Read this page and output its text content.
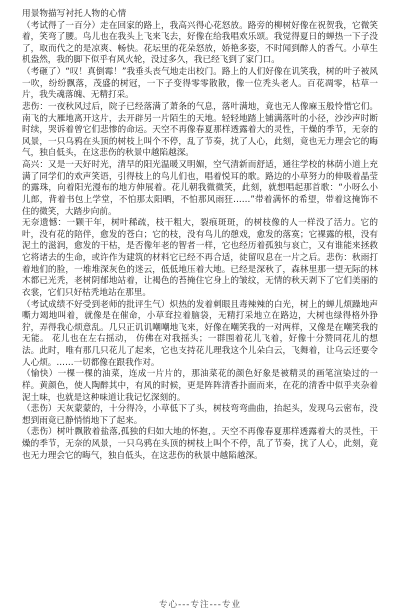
用景物描写衬托人物的心情

（考试得了一百分）走在回家的路上，我高兴得心花怒放。路旁的柳树好像在祝贺我，它微笑着，笑弯了腰。鸟儿也在我头上飞来飞去，好像在给我唱欢乐颂。我觉得夏日的蝉热一下子没了，取而代之的是凉爽、畅快。花坛里的花朵怒放，娇艳多姿，不时闻到醉人的香气。小草生机盎然，我的脚下似乎有风火轮，没过多久，我已经飞到了家门口。

（考砸了）“叹！真倒霉！”我垂头丧气地走出校门。路上的人们好像在讥笑我，树的叶子被风一吹，纷纷飘落，茂盛的树冠，一下子变得零零散散，像一位秃头老人。百花凋零，枯草一片，我失魂落魄、无精打采。

悲伤：一夜秋风过后，院子已经落满了萧条的气息，落叶满地，竟也无人像麻玉般怜惜它们。南飞的大雁地离开这片，去开辟另一片陌生的天地。轻轻地踏上铺满落叶的小径，沙沙声时断时续，哭诉着曾它们悲惨的命运。天空不再像春夏那样透露着大的灵性，干燥的季节，无奈的风景，一只乌鸦在头顶的树枝上叫个不停，乱了节奏，扰了人心，此刻，竟也无力理会它的晦气，独自低头，在这悲伤的秋景中越陷越深。

高兴：又是一天好时光，清早的阳光温暖又明媚，空气清新而舒适，通往学校的林荫小道上充满了同学们的欢声笑语，引得枝上的鸟儿们也，唱着悦耳的歌。路边的小草努力的伸吸着晶莹的露珠，向着阳光漫布的地方伸展着。花儿朝我微微笑，此刻，就想唱起那首歌：“小呀么小儿郎，背着书包上学堂，不怕那太阳晒，不怕那风雨狂……”带着满怀的希望，带着这掩饰不住的微笑，大踏步向前。

无奈遗憾：一颗干年，树叶稀疏，枝干粗大，裂痕斑斑，的树枝像的人一样没了活力。它的叶，没有花的陪伴，愈发的苍白；它的枝，没有鸟儿的憩戏，愈发的落寞；它裸露的根，没有泥土的滋润，愈发的干枯，是否像年老的智者一样，它也经历着孤独与哀亡，又有谁能来拯救它将诸去的生命，或许作为建筑的材料它已经不再合适，徒留叹息在一片之后。悲伤：秋雨打着地们的脸，一堆堆深灰色的迷云，低低地压着大地。已经是深秋了，森林里那一望无际的林木都已光秃，老树阴郁地站着，让褐色的苔掩住它身上的皱纹，无情的秋天剥下了它们美丽的衣裳，它们只好枯秃地站在那里。

（考试成绩不好受到老师的批评生气）炽热的发着刺眼且毒辣辣的白光，树上的蝉儿烦躁地声嘶力竭地叫着，就像是在催命，小草耷拉着脑袋，无精打采地立在路边，大树也绿得格外狰狞，弄得我心烦意乱。几只正讥讥嘲嘲地飞来，好像在嘲笑我的一对两样，又像是在嘲笑我的无能。 花儿也在左右摇动， 仿佛在对我摇头；一群围着花儿飞着，好像十分赞同花儿的想法。此时，唯有那几只花儿了起来，它也支持花儿理我这个儿朵白云，飞舞着，让乌云还要令人心烦。……一切都像在跟我作对。

（愉快）一棵一棵的油菜，连成一片片的，那油菜花的颜色好象是被精灵的画笔渲染过的一样。黄颜色，使人陶醉其中，有风的时候，更是阵阵清香扑面而来，在花的清香中似乎夹杂着泥土味，也就是这种味道让我记忆深刻的。

（悲伤）天灰蒙蒙的，十分得冷，小草低下了头，树枝弯弯曲曲，抬起头，发现乌云密布，没想到雨竟已静悄悄地下了起来。

（悲伤）树叶飘散着盐落,孤独的归如大地的怀抱，。天空不再像春夏那样透露着大的灵性，干燥的季节，无奈的风景，一只乌鸦在头顶的树枝上叫个不停，乱了节奏，扰了人心，此刻，竟也无力理会它的晦气，独自低头，在这悲伤的秋景中越陷越深。

专心---专注---专业
